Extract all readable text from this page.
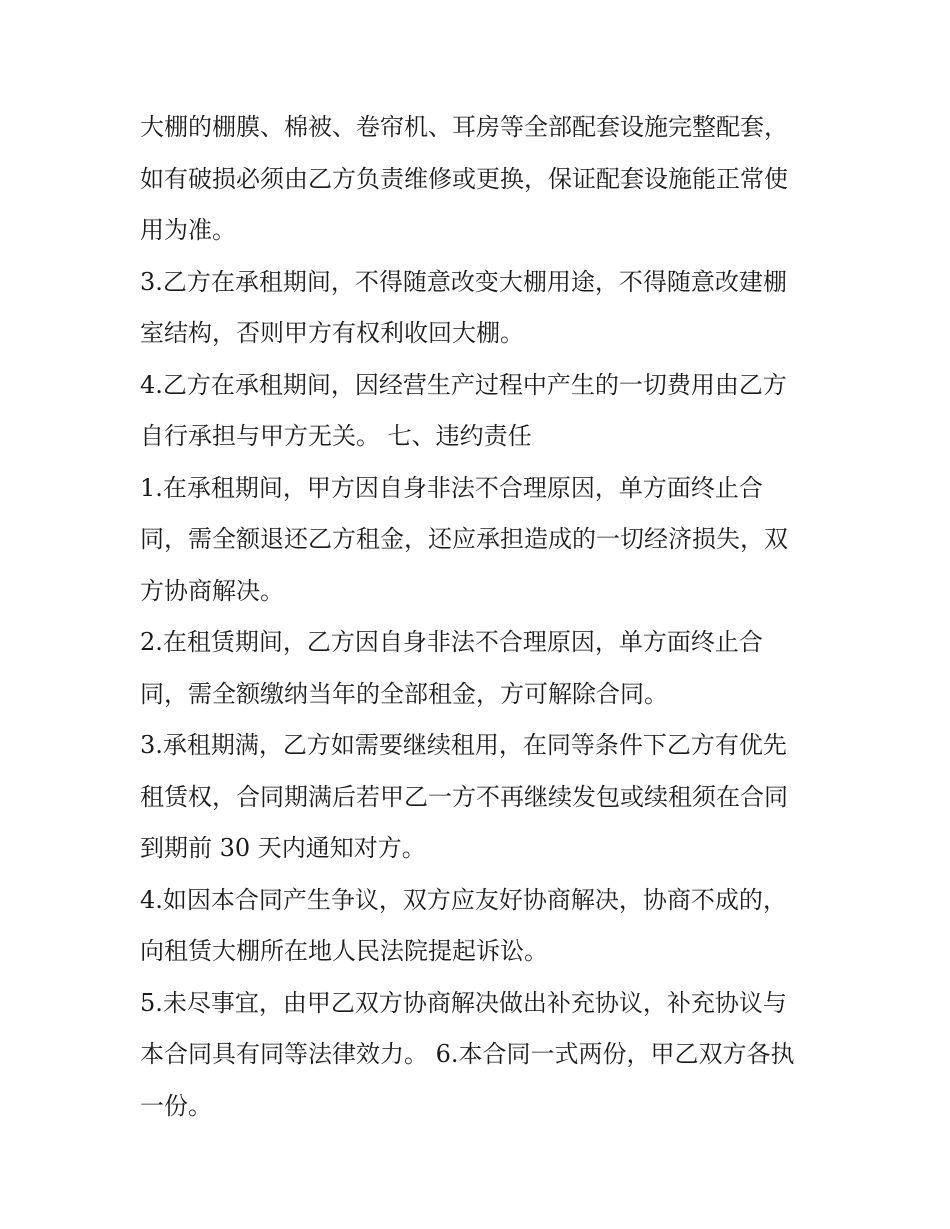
大棚的棚膜、棉被、卷帘机、耳房等全部配套设施完整配套，
如有破损必须由乙方负责维修或更换，保证配套设施能正常使
用为准。
3.乙方在承租期间，不得随意改变大棚用途，不得随意改建棚
室结构，否则甲方有权利收回大棚。
4.乙方在承租期间，因经营生产过程中产生的一切费用由乙方
自行承担与甲方无关。 七、违约责任
1.在承租期间，甲方因自身非法不合理原因，单方面终止合
同，需全额退还乙方租金，还应承担造成的一切经济损失，双
方协商解决。
2.在租赁期间，乙方因自身非法不合理原因，单方面终止合
同，需全额缴纳当年的全部租金，方可解除合同。
3.承租期满，乙方如需要继续租用，在同等条件下乙方有优先
租赁权，合同期满后若甲乙一方不再继续发包或续租须在合同
到期前 30 天内通知对方。
4.如因本合同产生争议，双方应友好协商解决，协商不成的，
向租赁大棚所在地人民法院提起诉讼。
5.未尽事宜，由甲乙双方协商解决做出补充协议，补充协议与
本合同具有同等法律效力。 6.本合同一式两份，甲乙双方各执
一份。
